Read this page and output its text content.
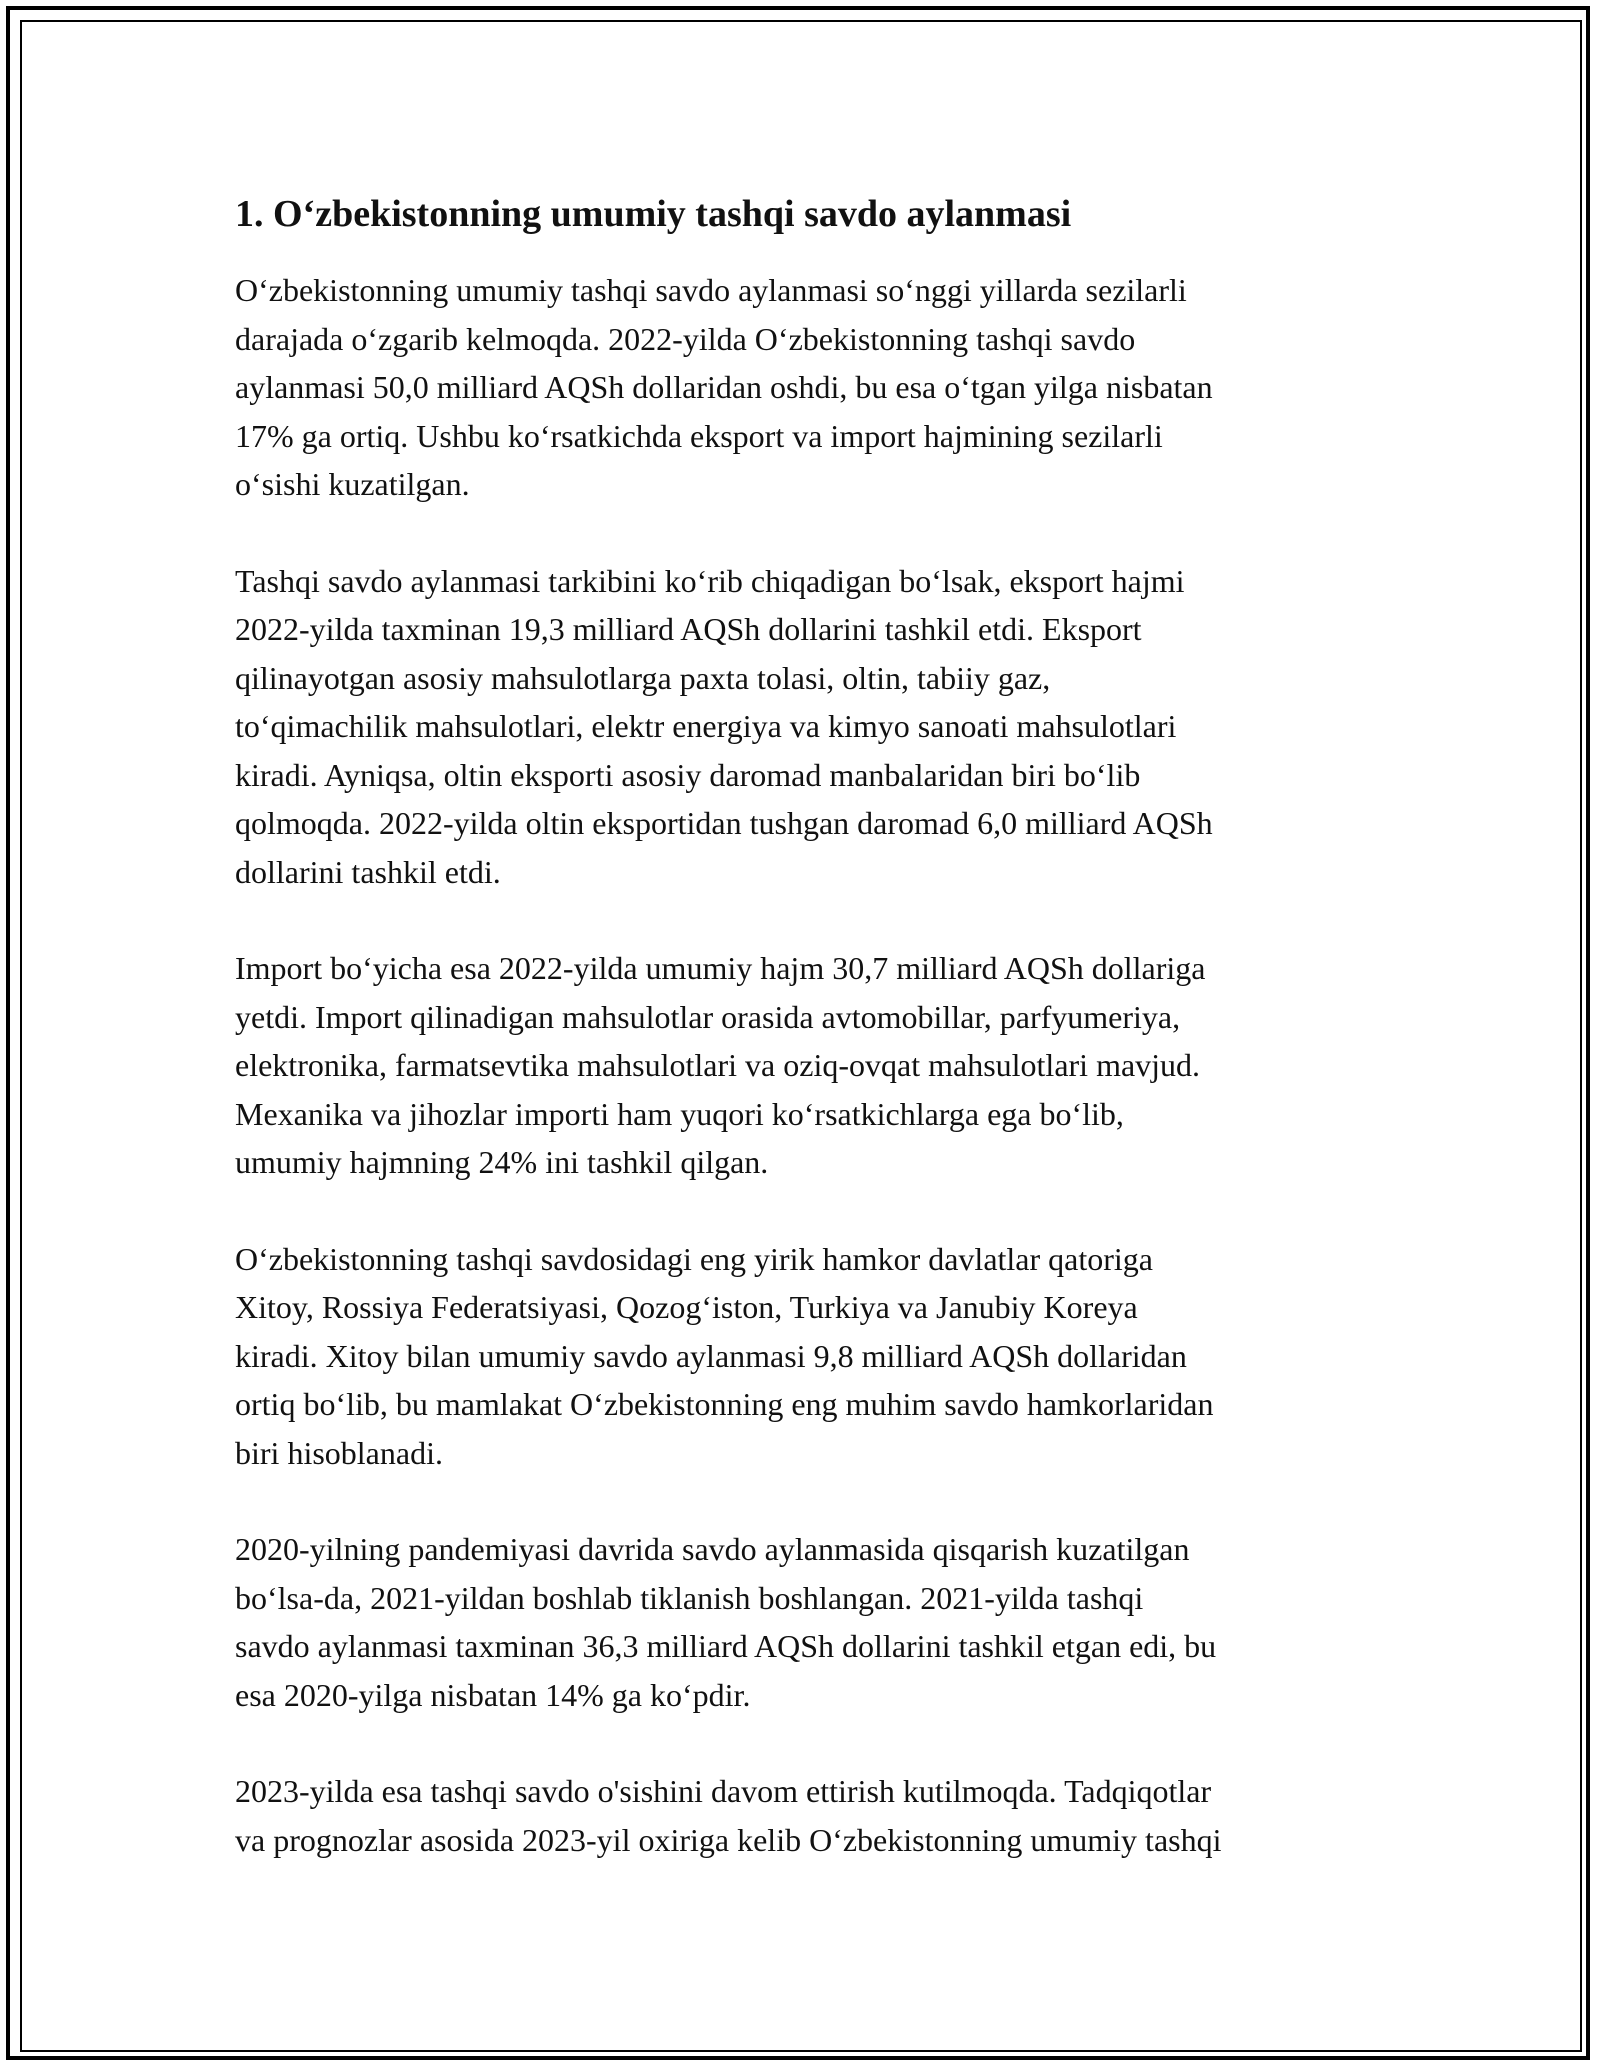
1. O‘zbekistonning umumiy tashqi savdo aylanmasi

O‘zbekistonning umumiy tashqi savdo aylanmasi so‘nggi yillarda sezilarli
darajada o‘zgarib kelmoqda. 2022-yilda O‘zbekistonning tashqi savdo
aylanmasi 50,0 milliard AQSh dollaridan oshdi, bu esa o‘tgan yilga nisbatan
17% ga ortiq. Ushbu ko‘rsatkichda eksport va import hajmining sezilarli
o‘sishi kuzatilgan.

Tashqi savdo aylanmasi tarkibini ko‘rib chiqadigan bo‘lsak, eksport hajmi
2022-yilda taxminan 19,3 milliard AQSh dollarini tashkil etdi. Eksport
qilinayotgan asosiy mahsulotlarga paxta tolasi, oltin, tabiiy gaz,
to‘qimachilik mahsulotlari, elektr energiya va kimyo sanoati mahsulotlari
kiradi. Ayniqsa, oltin eksporti asosiy daromad manbalaridan biri bo‘lib
qolmoqda. 2022-yilda oltin eksportidan tushgan daromad 6,0 milliard AQSh
dollarini tashkil etdi.

Import bo‘yicha esa 2022-yilda umumiy hajm 30,7 milliard AQSh dollariga
yetdi. Import qilinadigan mahsulotlar orasida avtomobillar, parfyumeriya,
elektronika, farmatsevtika mahsulotlari va oziq-ovqat mahsulotlari mavjud.
Mexanika va jihozlar importi ham yuqori ko‘rsatkichlarga ega bo‘lib,
umumiy hajmning 24% ini tashkil qilgan.

O‘zbekistonning tashqi savdosidagi eng yirik hamkor davlatlar qatoriga
Xitoy, Rossiya Federatsiyasi, Qozog‘iston, Turkiya va Janubiy Koreya
kiradi. Xitoy bilan umumiy savdo aylanmasi 9,8 milliard AQSh dollaridan
ortiq bo‘lib, bu mamlakat O‘zbekistonning eng muhim savdo hamkorlaridan
biri hisoblanadi.

2020-yilning pandemiyasi davrida savdo aylanmasida qisqarish kuzatilgan
bo‘lsa-da, 2021-yildan boshlab tiklanish boshlangan. 2021-yilda tashqi
savdo aylanmasi taxminan 36,3 milliard AQSh dollarini tashkil etgan edi, bu
esa 2020-yilga nisbatan 14% ga ko‘pdir.

2023-yilda esa tashqi savdo o'sishini davom ettirish kutilmoqda. Tadqiqotlar
va prognozlar asosida 2023-yil oxiriga kelib O‘zbekistonning umumiy tashqi
